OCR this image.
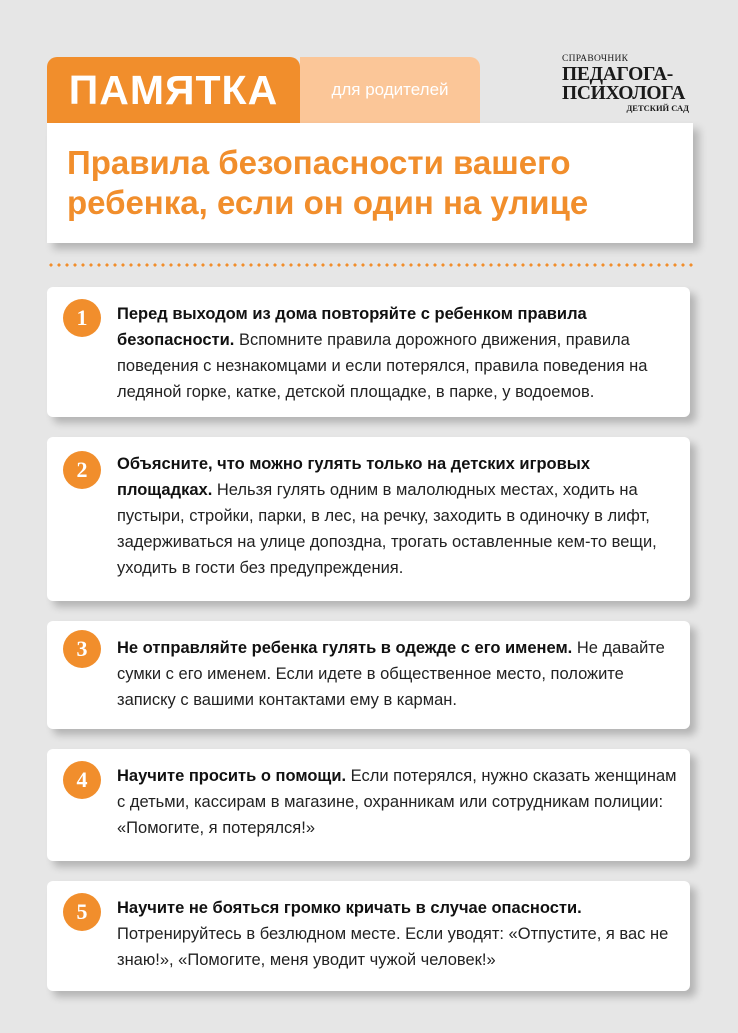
ПАМЯТКА	для родителей
СПРАВОЧНИК
ПЕДАГОГА-
ПСИХОЛОГА
ДЕТСКИЙ САД
Правила безопасности вашего
ребенка, если он один на улице
1	Перед выходом из дома повторяйте с ребенком правила безопасности. Вспомните правила дорожного движения, правила поведения с незнакомцами и если потерялся, правила поведения на ледяной горке, катке, детской площадке, в парке, у водоемов.
2	Объясните, что можно гулять только на детских игровых площадках. Нельзя гулять одним в малолюдных местах, ходить на пустыри, стройки, парки, в лес, на речку, заходить в одиночку в лифт, задерживаться на улице допоздна, трогать оставленные кем-то вещи, уходить в гости без предупреждения.
3	Не отправляйте ребенка гулять в одежде с его именем. Не давайте сумки с его именем. Если идете в общественное место, положите записку с вашими контактами ему в карман.
4	Научите просить о помощи. Если потерялся, нужно сказать женщинам с детьми, кассирам в магазине, охранникам или сотрудникам полиции: «Помогите, я потерялся!»
5	Научите не бояться громко кричать в случае опасности. Потренируйтесь в безлюдном месте. Если уводят: «Отпустите, я вас не знаю!», «Помогите, меня уводит чужой человек!»
